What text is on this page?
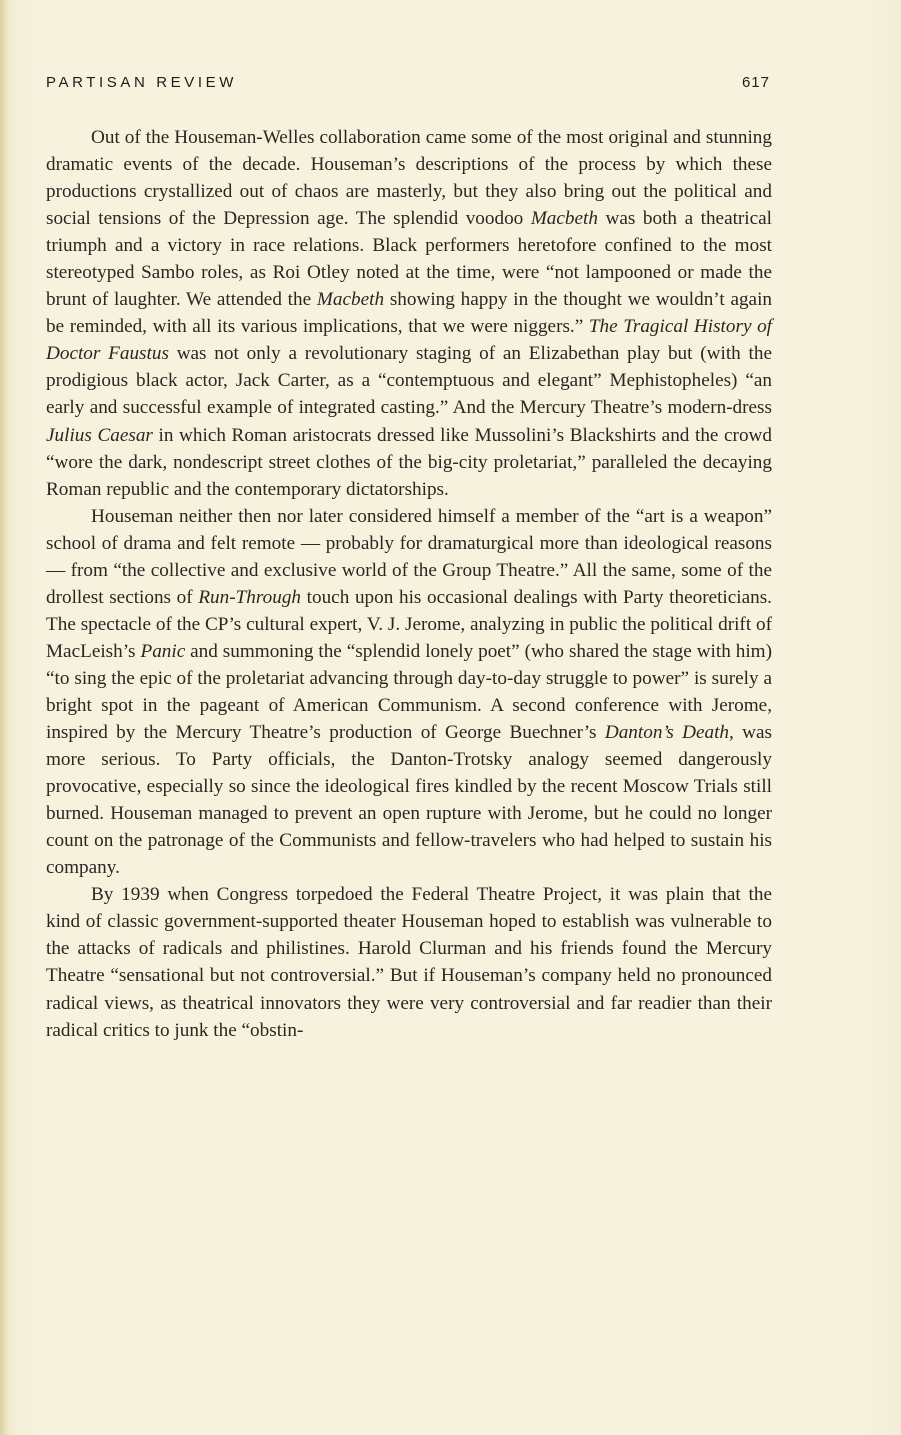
PARTISAN REVIEW	617

Out of the Houseman-Welles collaboration came some of the most original and stunning dramatic events of the decade. Houseman’s descriptions of the process by which these productions crystallized out of chaos are masterly, but they also bring out the political and social tensions of the Depression age. The splendid voodoo Macbeth was both a theatrical triumph and a victory in race relations. Black performers heretofore confined to the most stereotyped Sambo roles, as Roi Otley noted at the time, were “not lampooned or made the brunt of laughter. We attended the Macbeth showing happy in the thought we wouldn’t again be reminded, with all its various implications, that we were niggers.” The Tragical History of Doctor Faustus was not only a revolutionary staging of an Elizabethan play but (with the prodigious black actor, Jack Carter, as a “contemptuous and elegant” Mephistopheles) “an early and successful example of integrated casting.” And the Mercury Theatre’s modern-dress Julius Caesar in which Roman aristocrats dressed like Mussolini’s Blackshirts and the crowd “wore the dark, nondescript street clothes of the big-city proletariat,” paralleled the decaying Roman republic and the contemporary dictatorships.

Houseman neither then nor later considered himself a member of the “art is a weapon” school of drama and felt remote — probably for dramaturgical more than ideological reasons — from “the collective and exclusive world of the Group Theatre.” All the same, some of the drollest sections of Run-Through touch upon his occasional dealings with Party theoreticians. The spectacle of the CP’s cultural expert, V. J. Jerome, analyzing in public the political drift of MacLeish’s Panic and summoning the “splendid lonely poet” (who shared the stage with him) “to sing the epic of the proletariat advancing through day-to-day struggle to power” is surely a bright spot in the pageant of American Communism. A second conference with Jerome, inspired by the Mercury Theatre’s production of George Buechner’s Danton’s Death, was more serious. To Party officials, the Danton-Trotsky analogy seemed dangerously provocative, especially so since the ideological fires kindled by the recent Moscow Trials still burned. Houseman managed to prevent an open rupture with Jerome, but he could no longer count on the patronage of the Communists and fellow-travelers who had helped to sustain his company.

By 1939 when Congress torpedoed the Federal Theatre Project, it was plain that the kind of classic government-supported theater Houseman hoped to establish was vulnerable to the attacks of radicals and philistines. Harold Clurman and his friends found the Mercury Theatre “sensational but not controversial.” But if Houseman’s company held no pronounced radical views, as theatrical innovators they were very controversial and far readier than their radical critics to junk the “obstin-
